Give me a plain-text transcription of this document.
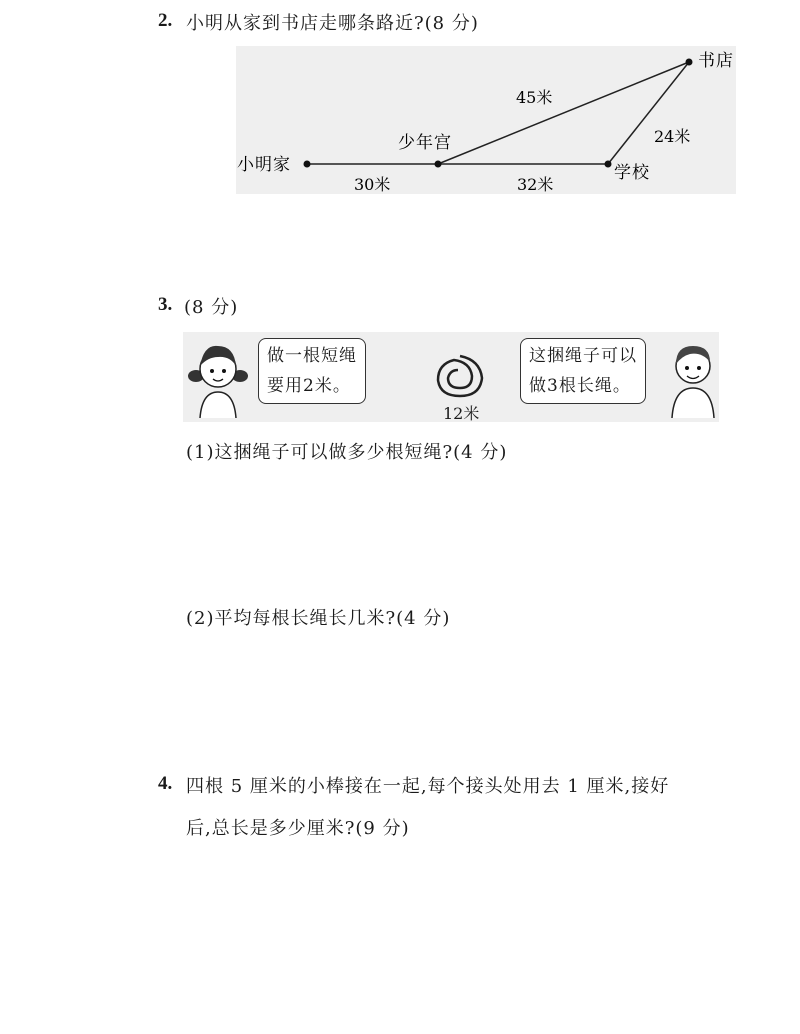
2. 小明从家到书店走哪条路近?(8 分)
小明家
少年宫
学校
书店
30米	32米
45米
24米
3. (8 分)
做一根短绳
要用2米。
12米
这捆绳子可以
做3根长绳。
(1)这捆绳子可以做多少根短绳?(4 分)
(2)平均每根长绳长几米?(4 分)
4. 四根 5 厘米的小棒接在一起,每个接头处用去 1 厘米,接好
后,总长是多少厘米?(9 分)
